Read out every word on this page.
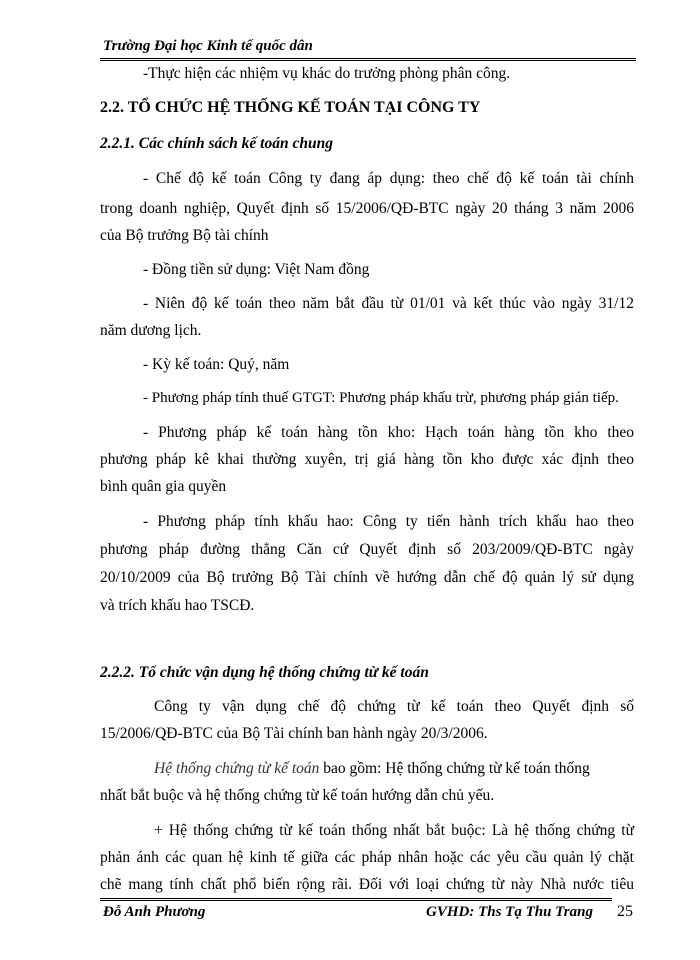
Trường Đại học Kinh tế quốc dân
-Thực hiện các nhiệm vụ khác do trưởng phòng phân công.
2.2. TỔ CHỨC HỆ THỐNG KẾ TOÁN TẠI CÔNG TY
2.2.1. Các chính sách kế toán chung
- Chế độ kế toán Công ty đang áp dụng: theo chế độ kế toán tài chính
trong doanh nghiệp, Quyết định số 15/2006/QĐ-BTC ngày 20 tháng 3 năm 2006
của Bộ trưởng Bộ tài chính
- Đồng tiền sử dụng: Việt Nam đồng
- Niên độ kế toán theo năm bắt đầu từ 01/01 và kết thúc vào ngày 31/12
năm dương lịch.
- Kỳ kế toán: Quý, năm
- Phương pháp tính thuế GTGT: Phương pháp khấu trừ, phương pháp gián tiếp.
- Phương pháp kế toán hàng tồn kho: Hạch toán hàng tồn kho theo
phương pháp kê khai thường xuyên, trị giá hàng tồn kho được xác định theo
bình quân gia quyền
- Phương pháp tính khấu hao: Công ty tiến hành trích khấu hao theo
phương pháp đường thẳng Căn cứ Quyết định số 203/2009/QĐ-BTC ngày
20/10/2009 của Bộ trưởng Bộ Tài chính về hướng dẫn chế độ quản lý sử dụng
và trích khấu hao TSCĐ.
2.2.2. Tổ chức vận dụng hệ thống chứng từ kế toán
Công ty vận dụng chế độ chứng từ kế toán theo Quyết định số
15/2006/QĐ-BTC của Bộ Tài chính ban hành ngày 20/3/2006.
Hệ thống chứng từ kế toán bao gồm: Hệ thống chứng từ kế toán thống
nhất bắt buộc và hệ thống chứng từ kế toán hướng dẫn chủ yếu.
+ Hệ thống chứng từ kế toán thống nhất bắt buộc: Là hệ thống chứng từ
phản ánh các quan hệ kinh tế giữa các pháp nhân hoặc các yêu cầu quản lý chặt
chẽ mang tính chất phổ biến rộng rãi. Đối với loại chứng từ này Nhà nước tiêu
Đỗ Anh Phương	GVHD: Ths Tạ Thu Trang 25
